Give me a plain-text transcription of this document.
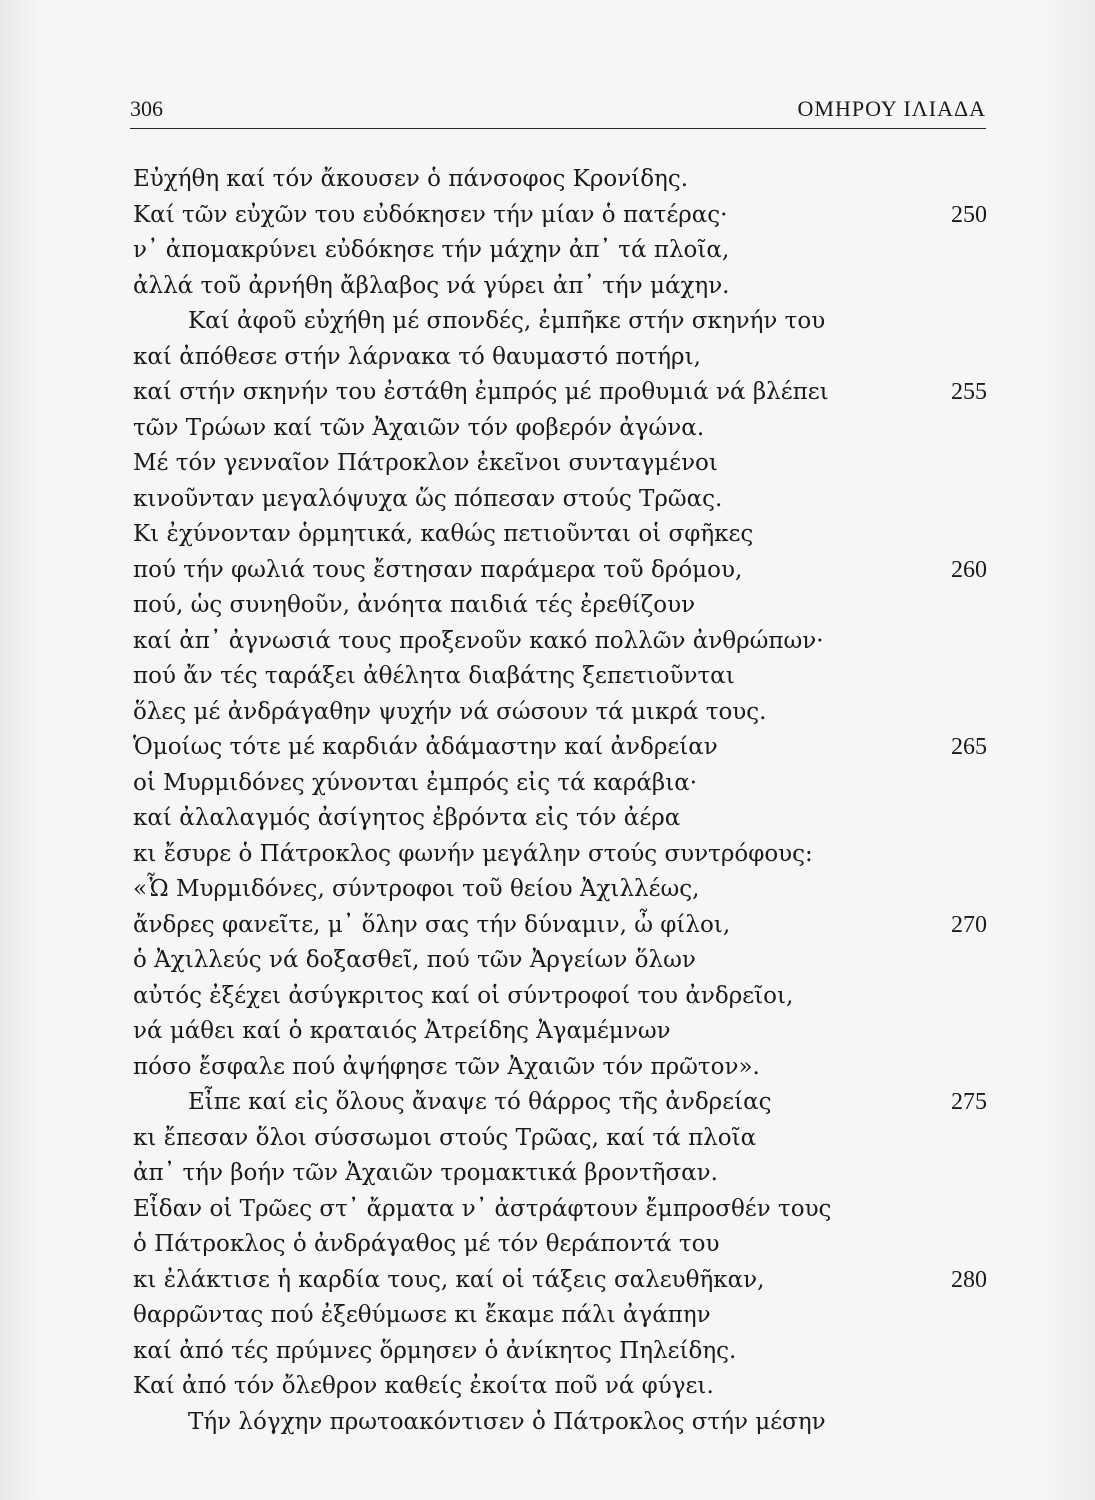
306	ΟΜΗΡΟΥ ΙΛΙΑΔΑ
Εὐχήθη καί τόν ἄκουσεν ὁ πάνσοφος Κρονίδης.
Καί τῶν εὐχῶν του εὐδόκησεν τήν μίαν ὁ πατέρας·	250
ν᾿ ἀπομακρύνει εὐδόκησε τήν μάχην ἀπ᾿ τά πλοῖα,
ἀλλά τοῦ ἀρνήθη ἄβλαβος νά γύρει ἀπ᾿ τήν μάχην.
Καί ἀφοῦ εὐχήθη μέ σπονδές, ἐμπῆκε στήν σκηνήν του
καί ἀπόθεσε στήν λάρνακα τό θαυμαστό ποτήρι,
καί στήν σκηνήν του ἐστάθη ἐμπρός μέ προθυμιά νά βλέπει	255
τῶν Τρώων καί τῶν Ἀχαιῶν τόν φοβερόν ἀγώνα.
Μέ τόν γενναῖον Πάτροκλον ἐκεῖνοι συνταγμένοι
κινοῦνταν μεγαλόψυχα ὥς πόπεσαν στούς Τρῶας.
Κι ἐχύνονταν ὁρμητικά, καθώς πετιοῦνται οἱ σφῆκες
πού τήν φωλιά τους ἔστησαν παράμερα τοῦ δρόμου,	260
πού, ὡς συνηθοῦν, ἀνόητα παιδιά τές ἐρεθίζουν
καί ἀπ᾿ ἀγνωσιά τους προξενοῦν κακό πολλῶν ἀνθρώπων·
πού ἄν τές ταράξει ἀθέλητα διαβάτης ξεπετιοῦνται
ὅλες μέ ἀνδράγαθην ψυχήν νά σώσουν τά μικρά τους.
Ὁμοίως τότε μέ καρδιάν ἀδάμαστην καί ἀνδρείαν	265
οἱ Μυρμιδόνες χύνονται ἐμπρός εἰς τά καράβια·
καί ἀλαλαγμός ἀσίγητος ἐβρόντα εἰς τόν ἀέρα
κι ἔσυρε ὁ Πάτροκλος φωνήν μεγάλην στούς συντρόφους:
«Ὦ Μυρμιδόνες, σύντροφοι τοῦ θείου Ἀχιλλέως,
ἄνδρες φανεῖτε, μ᾿ ὅλην σας τήν δύναμιν, ὦ φίλοι,	270
ὁ Ἀχιλλεύς νά δοξασθεῖ, πού τῶν Ἀργείων ὅλων
αὐτός ἐξέχει ἀσύγκριτος καί οἱ σύντροφοί του ἀνδρεῖοι,
νά μάθει καί ὁ κραταιός Ἀτρείδης Ἀγαμέμνων
πόσο ἔσφαλε πού ἀψήφησε τῶν Ἀχαιῶν τόν πρῶτον».
Εἶπε καί εἰς ὅλους ἄναψε τό θάρρος τῆς ἀνδρείας	275
κι ἔπεσαν ὅλοι σύσσωμοι στούς Τρῶας, καί τά πλοῖα
ἀπ᾿ τήν βοήν τῶν Ἀχαιῶν τρομακτικά βροντῆσαν.
Εἶδαν οἱ Τρῶες στ᾿ ἄρματα ν᾿ ἀστράφτουν ἔμπροσθέν τους
ὁ Πάτροκλος ὁ ἀνδράγαθος μέ τόν θεράποντά του
κι ἐλάκτισε ἡ καρδία τους, καί οἱ τάξεις σαλευθῆκαν,	280
θαρρῶντας πού ἐξεθύμωσε κι ἔκαμε πάλι ἀγάπην
καί ἀπό τές πρύμνες ὅρμησεν ὁ ἀνίκητος Πηλείδης.
Καί ἀπό τόν ὄλεθρον καθείς ἐκοίτα ποῦ νά φύγει.
Τήν λόγχην πρωτοακόντισεν ὁ Πάτροκλος στήν μέσην
